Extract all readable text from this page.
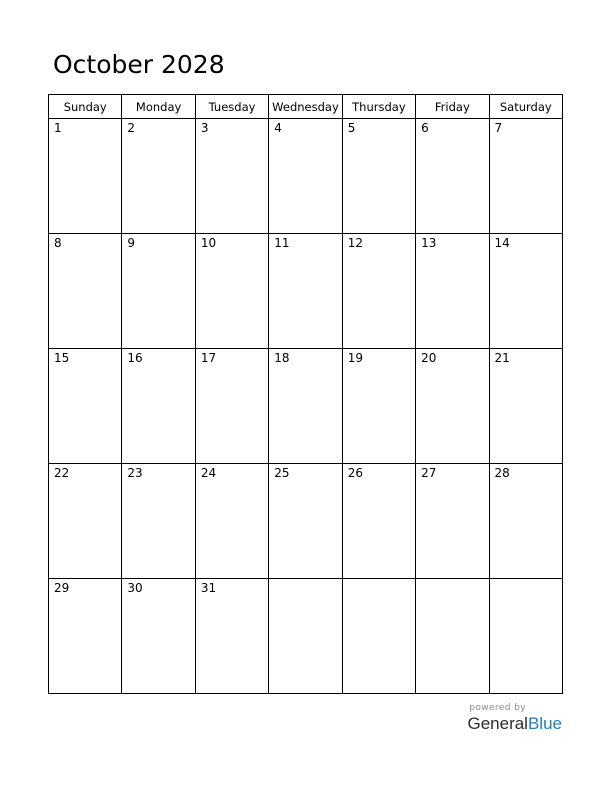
October 2028
Sunday	Monday	Tuesday	Wednesday	Thursday	Friday	Saturday

1	2	3	4	5	6	7

8	9	10	11	12	13	14

15	16	17	18	19	20	21

22	23	24	25	26	27	28

29	30	31				

powered by
GeneralBlue
